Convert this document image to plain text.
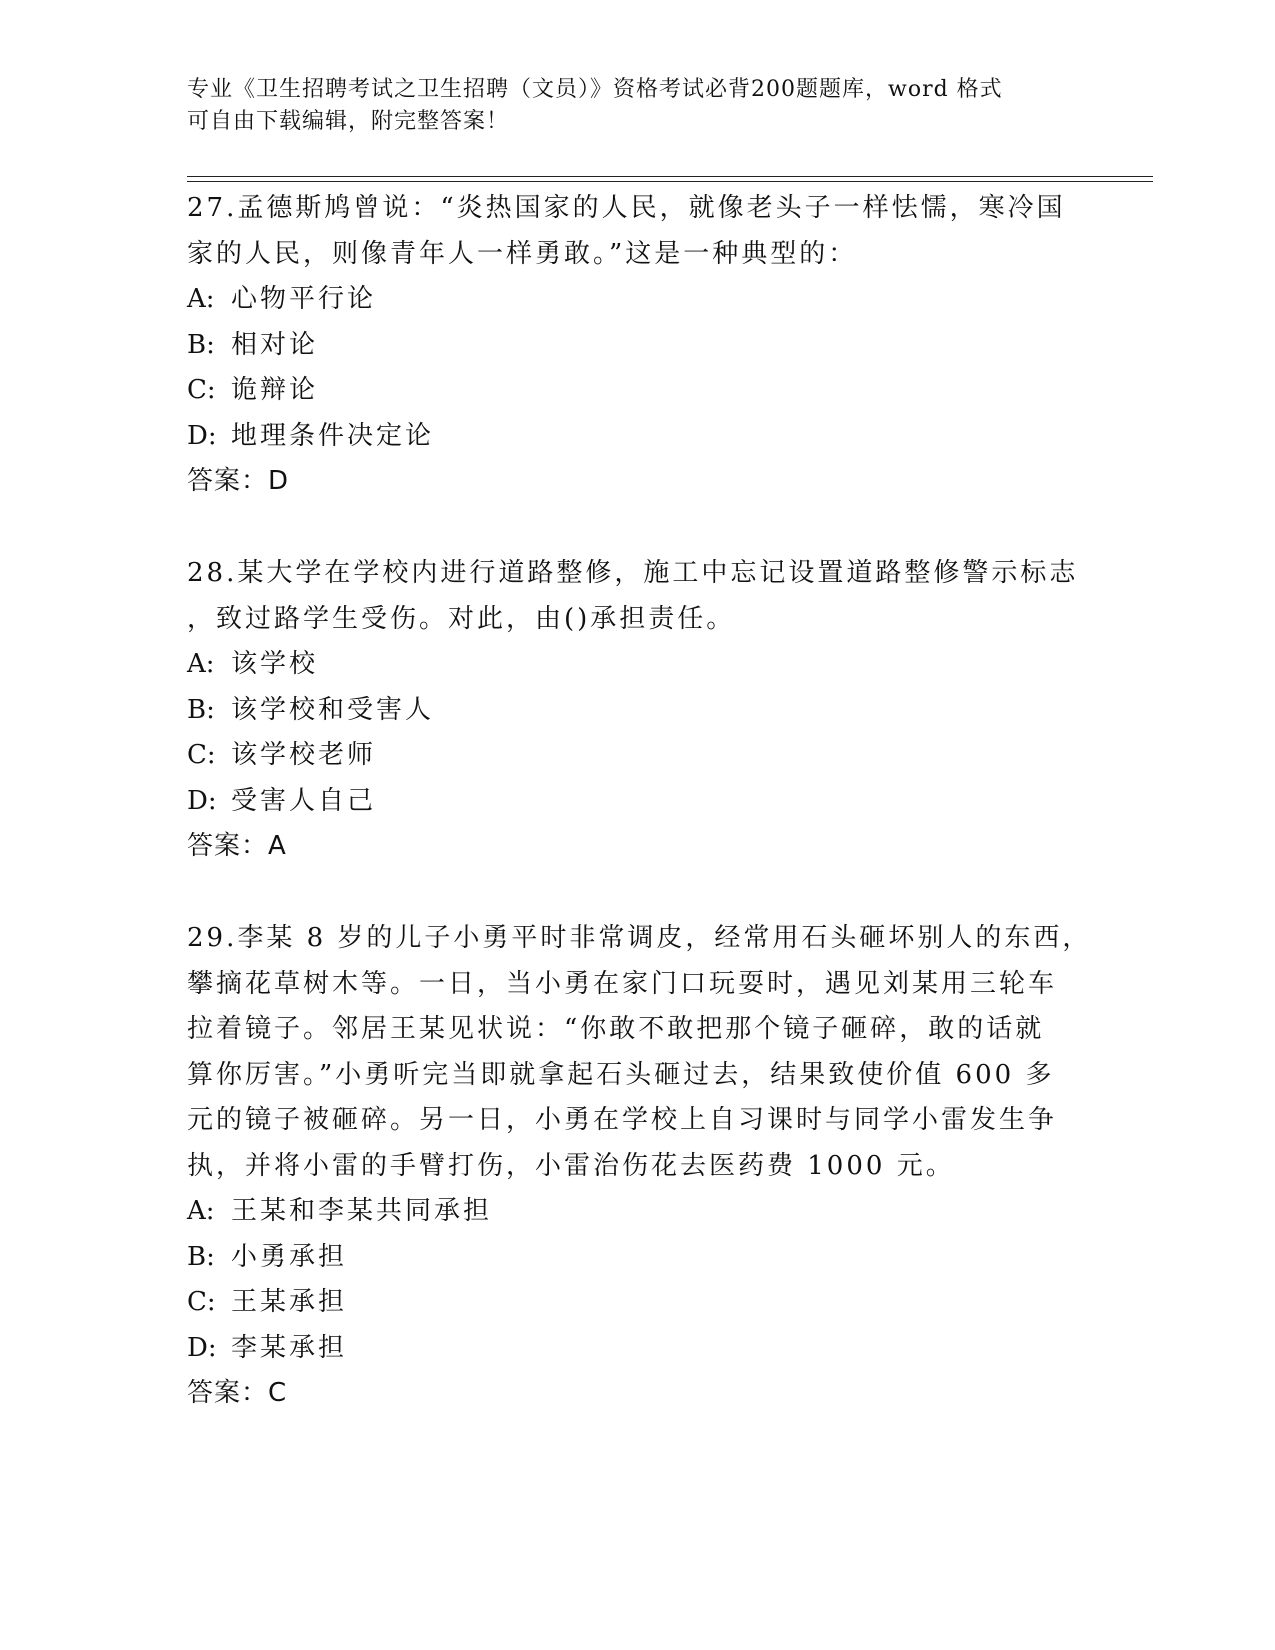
专业《卫生招聘考试之卫生招聘（文员）》资格考试必背200题题库，word 格式
可自由下载编辑，附完整答案！
27.孟德斯鸠曾说：“炎热国家的人民，就像老头子一样怯懦，寒冷国
家的人民，则像青年人一样勇敢。”这是一种典型的：
A: 心物平行论
B: 相对论
C: 诡辩论
D: 地理条件决定论
答案：D
28.某大学在学校内进行道路整修，施工中忘记设置道路整修警示标志
，致过路学生受伤。对此，由()承担责任。
A: 该学校
B: 该学校和受害人
C: 该学校老师
D: 受害人自己
答案：A
29.李某 8 岁的儿子小勇平时非常调皮，经常用石头砸坏别人的东西，
攀摘花草树木等。一日，当小勇在家门口玩耍时，遇见刘某用三轮车
拉着镜子。邻居王某见状说：“你敢不敢把那个镜子砸碎，敢的话就
算你厉害。”小勇听完当即就拿起石头砸过去，结果致使价值 600 多
元的镜子被砸碎。另一日，小勇在学校上自习课时与同学小雷发生争
执，并将小雷的手臂打伤，小雷治伤花去医药费 1000 元。
A: 王某和李某共同承担
B: 小勇承担
C: 王某承担
D: 李某承担
答案：C
